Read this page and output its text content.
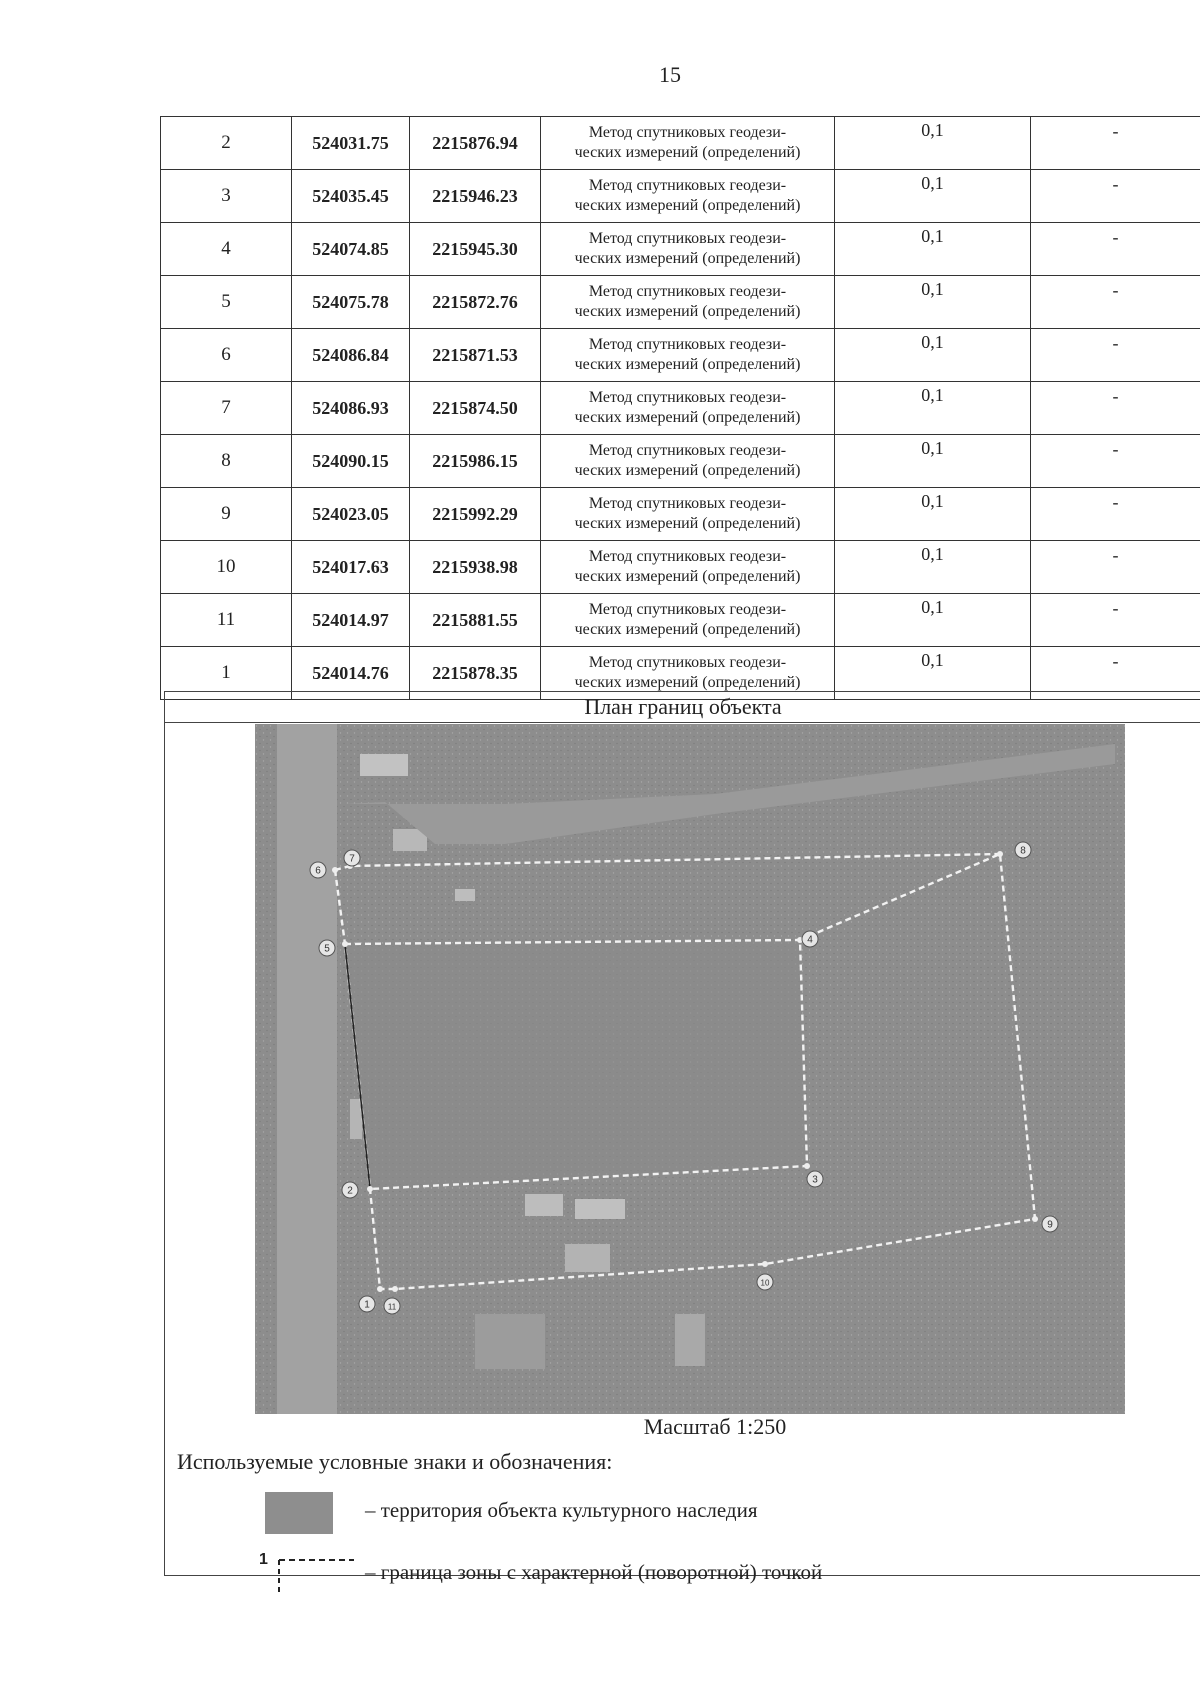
15
2	524031.75	2215876.94	Метод спутниковых геодези-
ческих измерений (определений)	0,1	-
3	524035.45	2215946.23	Метод спутниковых геодези-
ческих измерений (определений)	0,1	-
4	524074.85	2215945.30	Метод спутниковых геодези-
ческих измерений (определений)	0,1	-
5	524075.78	2215872.76	Метод спутниковых геодези-
ческих измерений (определений)	0,1	-
6	524086.84	2215871.53	Метод спутниковых геодези-
ческих измерений (определений)	0,1	-
7	524086.93	2215874.50	Метод спутниковых геодези-
ческих измерений (определений)	0,1	-
8	524090.15	2215986.15	Метод спутниковых геодези-
ческих измерений (определений)	0,1	-
9	524023.05	2215992.29	Метод спутниковых геодези-
ческих измерений (определений)	0,1	-
10	524017.63	2215938.98	Метод спутниковых геодези-
ческих измерений (определений)	0,1	-
11	524014.97	2215881.55	Метод спутниковых геодези-
ческих измерений (определений)	0,1	-
1	524014.76	2215878.35	Метод спутниковых геодези-
ческих измерений (определений)	0,1	-
План границ объекта
1
2
3
4
5
6
7
8
9
10
11
Масштаб 1:250
Используемые условные знаки и обозначения:
– территория объекта культурного наследия
1
– граница зоны с характерной (поворотной) точкой
